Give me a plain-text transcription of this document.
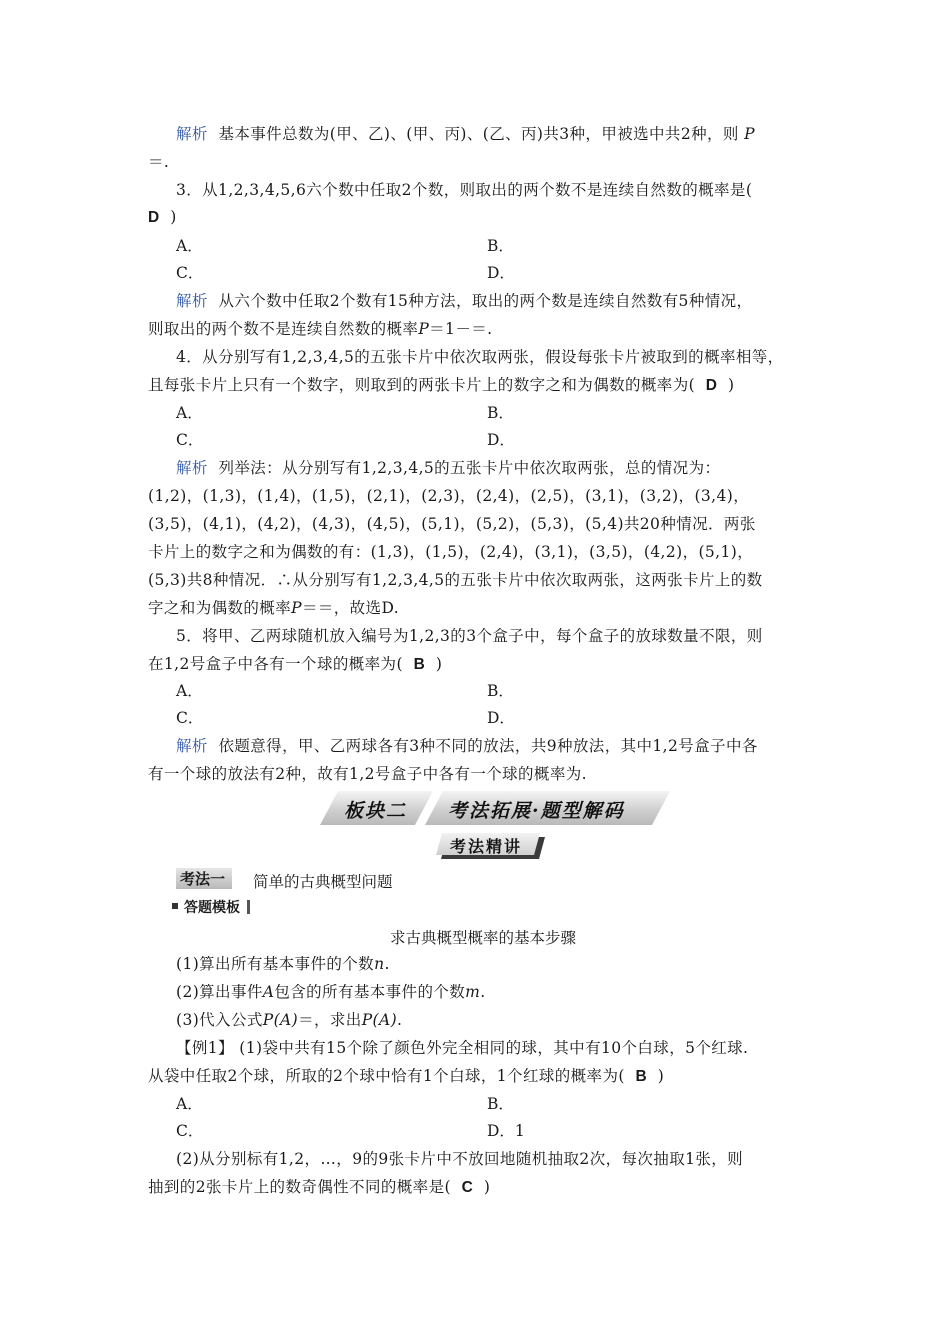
解析 基本事件总数为(甲、乙)、(甲、丙)、(乙、丙)共3种，甲被选中共2种，则 P
＝.
3．从1,2,3,4,5,6六个数中任取2个数，则取出的两个数不是连续自然数的概率是(
D )
A．	B．
C．	D．
解析 从六个数中任取2个数有15种方法，取出的两个数是连续自然数有5种情况，
则取出的两个数不是连续自然数的概率P＝1－＝.
4．从分别写有1,2,3,4,5的五张卡片中依次取两张，假设每张卡片被取到的概率相等，
且每张卡片上只有一个数字，则取到的两张卡片上的数字之和为偶数的概率为( D )
A．	B．
C．	D．
解析 列举法：从分别写有1,2,3,4,5的五张卡片中依次取两张，总的情况为：
(1,2)，(1,3)，(1,4)，(1,5)，(2,1)，(2,3)，(2,4)，(2,5)，(3,1)，(3,2)，(3,4)，
(3,5)，(4,1)，(4,2)，(4,3)，(4,5)，(5,1)，(5,2)，(5,3)，(5,4)共20种情况．两张
卡片上的数字之和为偶数的有：(1,3)，(1,5)，(2,4)，(3,1)，(3,5)，(4,2)，(5,1)，
(5,3)共8种情况．∴从分别写有1,2,3,4,5的五张卡片中依次取两张，这两张卡片上的数
字之和为偶数的概率P＝＝，故选D.
5．将甲、乙两球随机放入编号为1,2,3的3个盒子中，每个盒子的放球数量不限，则
在1,2号盒子中各有一个球的概率为( B )
A．	B．
C．	D．
解析 依题意得，甲、乙两球各有3种不同的放法，共9种放法，其中1,2号盒子中各
有一个球的放法有2种，故有1,2号盒子中各有一个球的概率为.
板块二 考法拓展·题型解码
考法精讲
考法一 简单的古典概型问题
答题模板
求古典概型概率的基本步骤
(1)算出所有基本事件的个数n.
(2)算出事件A包含的所有基本事件的个数m.
(3)代入公式P(A)＝，求出P(A).
【例1】 (1)袋中共有15个除了颜色外完全相同的球，其中有10个白球，5个红球.
从袋中任取2个球，所取的2个球中恰有1个白球，1个红球的概率为( B )
A．	B．
C．	D．1
(2)从分别标有1,2，…，9的9张卡片中不放回地随机抽取2次，每次抽取1张，则
抽到的2张卡片上的数奇偶性不同的概率是( C )
